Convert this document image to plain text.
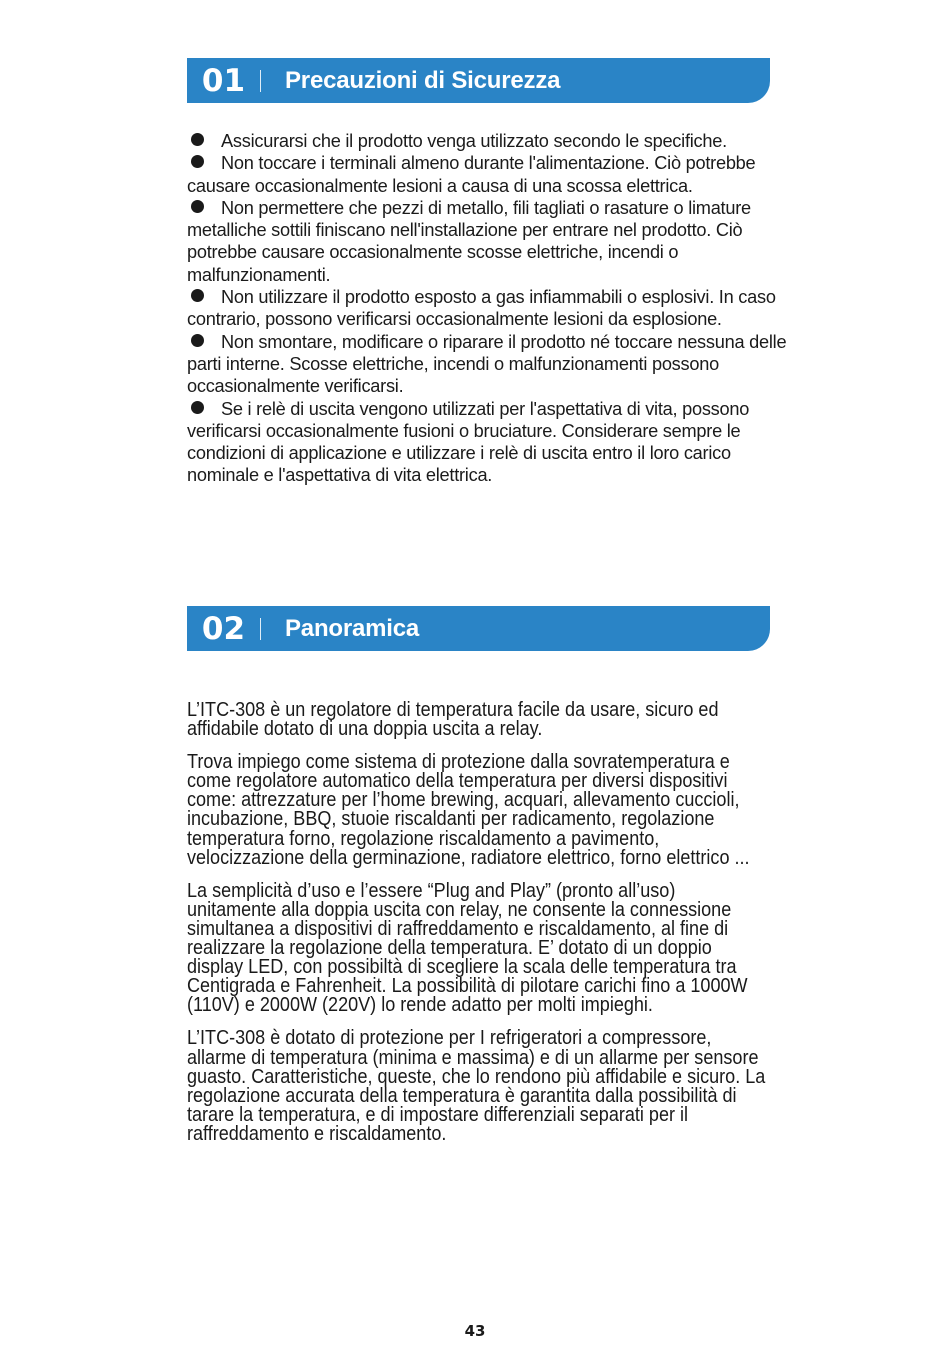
01	Precauzioni di Sicurezza

Assicurarsi che il prodotto venga utilizzato secondo le specifiche.

Non toccare i terminali almeno durante l'alimentazione. Ciò potrebbe causare occasionalmente lesioni a causa di una scossa elettrica.

Non permettere che pezzi di metallo, fili tagliati o rasature o limature metalliche sottili finiscano nell'installazione per entrare nel prodotto. Ciò potrebbe causare occasionalmente scosse elettriche, incendi o malfunzionamenti.

Non utilizzare il prodotto esposto a gas infiammabili o esplosivi. In caso contrario, possono verificarsi occasionalmente lesioni da esplosione.

Non smontare, modificare o riparare il prodotto né toccare nessuna delle parti interne. Scosse elettriche, incendi o malfunzionamenti possono occasionalmente verificarsi.

Se i relè di uscita vengono utilizzati per l'aspettativa di vita, possono verificarsi occasionalmente fusioni o bruciature. Considerare sempre le condizioni di applicazione e utilizzare i relè di uscita entro il loro carico nominale e l'aspettativa di vita elettrica.

02	Panoramica

L’ITC-308 è un regolatore di temperatura facile da usare, sicuro ed affidabile dotato di una doppia uscita a relay.

Trova impiego come sistema di protezione dalla sovratemperatura e come regolatore automatico della temperatura per diversi dispositivi come: attrezzature per l’home brewing, acquari, allevamento cuccioli, incubazione, BBQ, stuoie riscaldanti per radicamento, regolazione temperatura forno, regolazione riscaldamento a pavimento, velocizzazione della germinazione, radiatore elettrico, forno elettrico ...

La semplicità d’uso e l’essere “Plug and Play” (pronto all’uso) unitamente alla doppia uscita con relay, ne consente la connessione simultanea a dispositivi di raffreddamento e riscaldamento, al fine di realizzare la regolazione della temperatura. E’ dotato di un doppio display LED, con possibiltà di scegliere la scala delle temperatura tra Centigrada e Fahrenheit. La possibilità di pilotare carichi fino a 1000W (110V) e 2000W (220V) lo rende adatto per molti impieghi.

L’ITC-308 è dotato di protezione per I refrigeratori a compressore, allarme di temperatura (minima e massima) e di un allarme per sensore guasto. Caratteristiche, queste, che lo rendono più affidabile e sicuro. La regolazione accurata della temperatura è garantita dalla possibilità di tarare la temperatura, e di impostare differenziali separati per il raffreddamento e riscaldamento.

43
